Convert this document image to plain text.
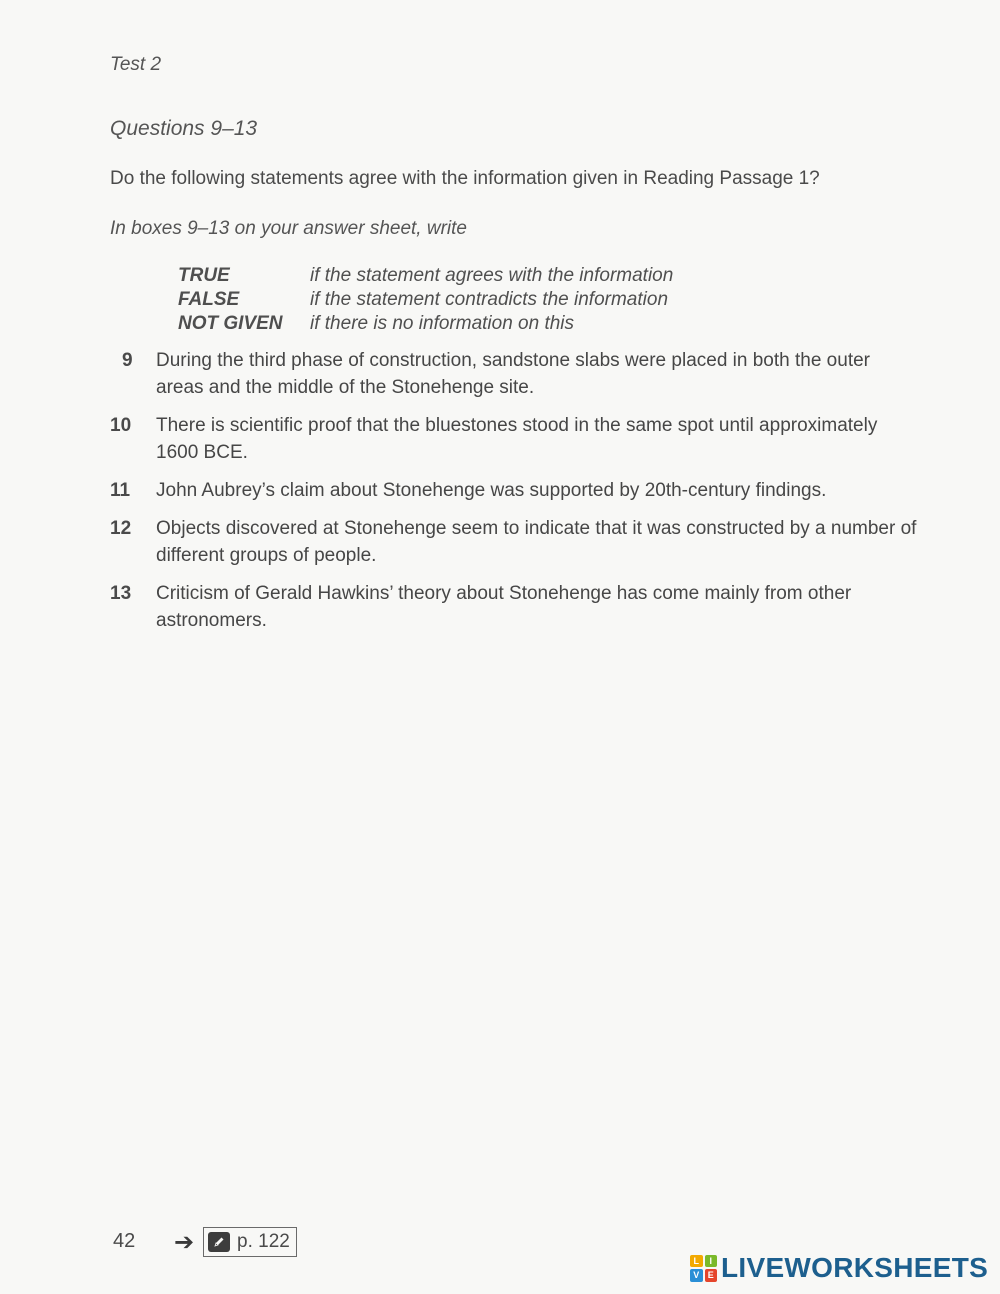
Test 2
Questions 9–13
Do the following statements agree with the information given in Reading Passage 1?
In boxes 9–13 on your answer sheet, write
TRUE	if the statement agrees with the information
FALSE	if the statement contradicts the information
NOT GIVEN	if there is no information on this
9	During the third phase of construction, sandstone slabs were placed in both the outer areas and the middle of the Stonehenge site.
10	There is scientific proof that the bluestones stood in the same spot until approximately 1600 BCE.
11	John Aubrey’s claim about Stonehenge was supported by 20th-century findings.
12	Objects discovered at Stonehenge seem to indicate that it was constructed by a number of different groups of people.
13	Criticism of Gerald Hawkins’ theory about Stonehenge has come mainly from other astronomers.
42 ➔ p. 122
L	I
V E LIVEWORKSHEETS
